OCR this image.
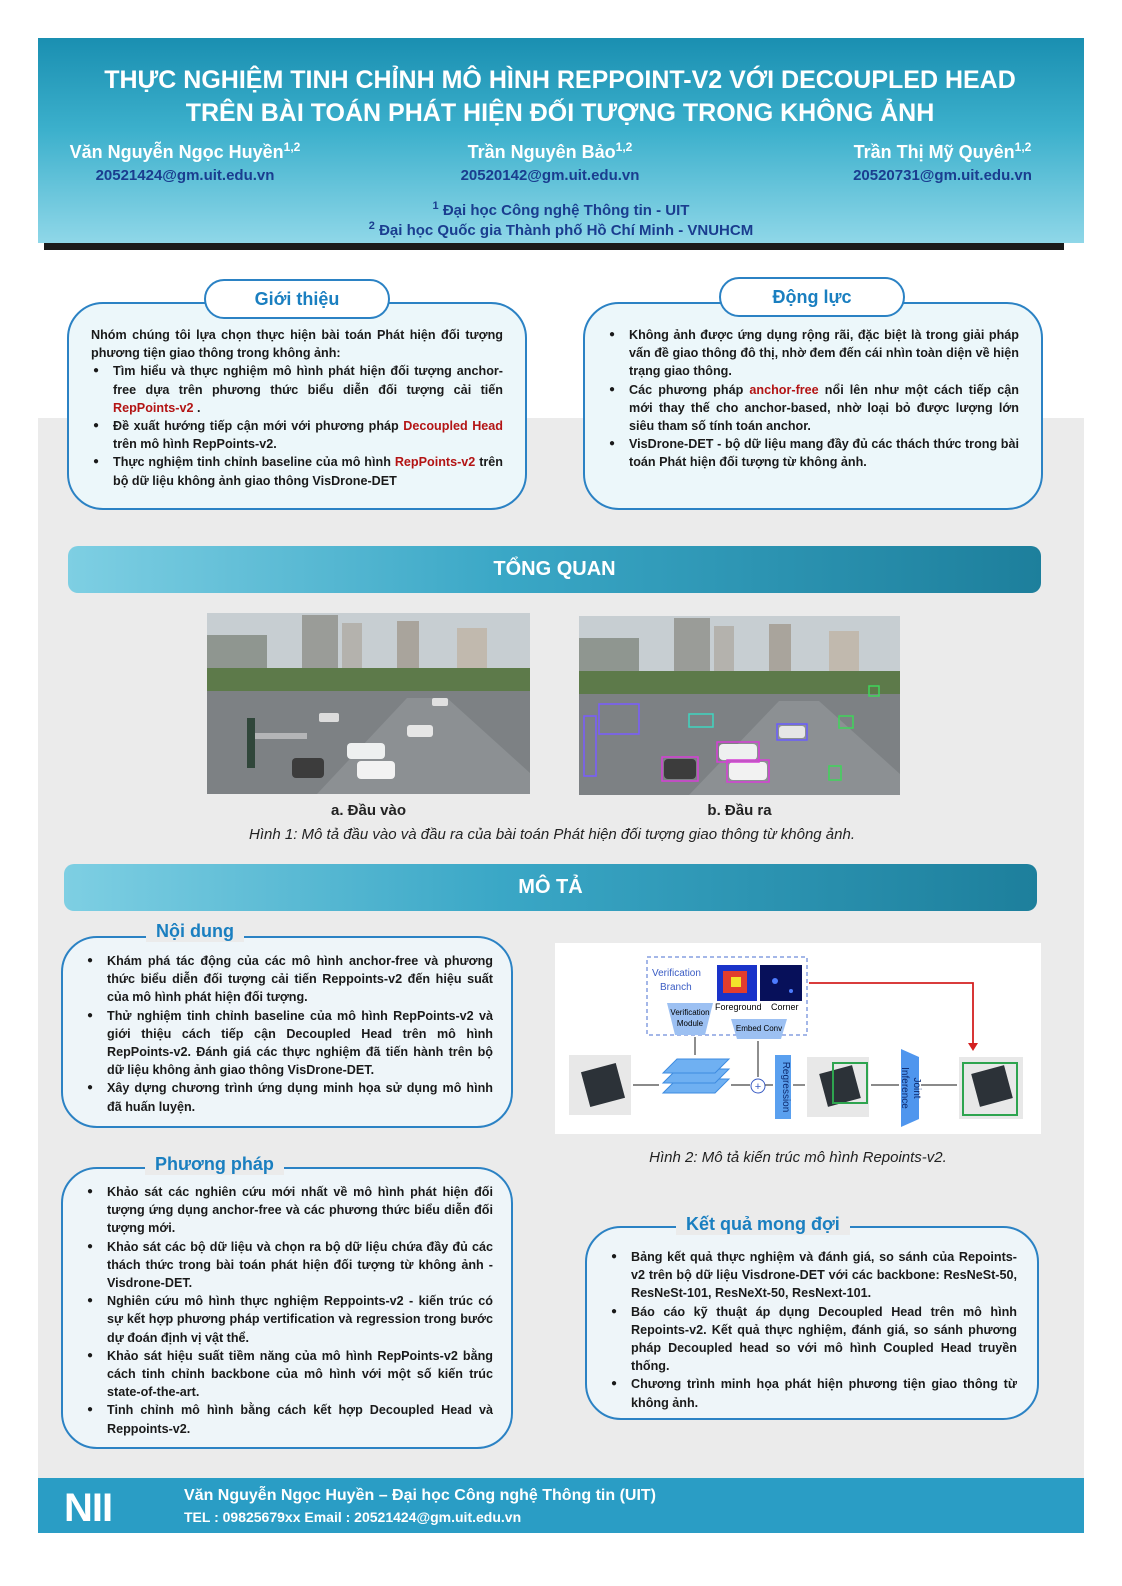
THỰC NGHIỆM TINH CHỈNH MÔ HÌNH REPPOINT-V2 VỚI DECOUPLED HEAD
TRÊN BÀI TOÁN PHÁT HIỆN ĐỐI TƯỢNG TRONG KHÔNG ẢNH
Văn Nguyễn Ngọc Huyền$^{1,2}$
20521424@gm.uit.edu.vn
Trần Nguyên Bảo$^{1,2}$
20520142@gm.uit.edu.vn
Trần Thị Mỹ Quyên$^{1,2}$
20520731@gm.uit.edu.vn
$^1$ Đại học Công nghệ Thông tin - UIT
$^2$ Đại học Quốc gia Thành phố Hồ Chí Minh - VNUHCM

Nhóm chúng tôi lựa chọn thực hiện bài toán Phát hiện đối tượng phương tiện giao thông trong không ảnh:

● Tìm hiểu và thực nghiệm mô hình phát hiện đối tượng anchor-free dựa trên phương thức biểu diễn đối tượng cải tiến RepPoints-v2 .
● Đề xuất hướng tiếp cận mới với phương pháp Decoupled Head trên mô hình RepPoints-v2.
● Thực nghiệm tinh chỉnh baseline của mô hình RepPoints-v2 trên bộ dữ liệu không ảnh giao thông VisDrone-DET
Giới thiệu
● Không ảnh được ứng dụng rộng rãi, đặc biệt là trong giải pháp vấn đề giao thông đô thị, nhờ đem đến cái nhìn toàn diện về hiện trạng giao thông.
● Các phương pháp anchor-free nổi lên như một cách tiếp cận mới thay thế cho anchor-based, nhờ loại bỏ được lượng lớn siêu tham số tính toán anchor.
● VisDrone-DET - bộ dữ liệu mang đầy đủ các thách thức trong bài toán Phát hiện đối tượng từ không ảnh.
Động lực
TỔNG QUAN
a. Đầu vào	b. Đầu ra
Hình 1: Mô tả đầu vào và đầu ra của bài toán Phát hiện đối tượng giao thông từ không ảnh.
MÔ TẢ
● Khám phá tác động của các mô hình anchor-free và phương thức biểu diễn đối tượng cải tiến Reppoints-v2 đến hiệu suất của mô hình phát hiện đối tượng.
● Thử nghiệm tinh chỉnh baseline của mô hình RepPoints-v2 và giới thiệu cách tiếp cận Decoupled Head trên mô hình RepPoints-v2. Đánh giá các thực nghiệm đã tiến hành trên bộ dữ liệu không ảnh giao thông VisDrone-DET.
● Xây dựng chương trình ứng dụng minh họa sử dụng mô hình đã huấn luyện.
Nội dung
● Khảo sát các nghiên cứu mới nhất về mô hình phát hiện đối tượng ứng dụng anchor-free và các phương thức biểu diễn đối tượng mới.
● Khảo sát các bộ dữ liệu và chọn ra bộ dữ liệu chứa đầy đủ các thách thức trong bài toán phát hiện đối tượng từ không ảnh - Visdrone-DET.
● Nghiên cứu mô hình thực nghiệm Reppoints-v2 - kiến trúc có sự kết hợp phương pháp vertification và regression trong bước dự đoán định vị vật thể.
● Khảo sát hiệu suất tiềm năng của mô hình RepPoints-v2 bằng cách tinh chỉnh backbone của mô hình với một số kiến trúc state-of-the-art.
● Tinh chỉnh mô hình bằng cách kết hợp Decoupled Head và Reppoints-v2.
Phương pháp
Verification Branch
Foreground Corner
Verification Module
Embed Conv
+ Regression	JointInference
Hình 2: Mô tả kiến trúc mô hình Repoints-v2.
● Bảng kết quả thực nghiệm và đánh giá, so sánh của Repoints-v2 trên bộ dữ liệu Visdrone-DET với các backbone: ResNeSt-50, ResNeSt-101, ResNeXt-50, ResNext-101.
● Báo cáo kỹ thuật áp dụng Decoupled Head trên mô hình Repoints-v2. Kết quả thực nghiệm, đánh giá, so sánh phương pháp Decoupled head so với mô hình Coupled Head truyền thống.
● Chương trình minh họa phát hiện phương tiện giao thông từ không ảnh.
Kết quả mong đợi
NII	Văn Nguyễn Ngọc Huyền – Đại học Công nghệ Thông tin (UIT)
TEL : 09825679xx Email : 20521424@gm.uit.edu.vn
